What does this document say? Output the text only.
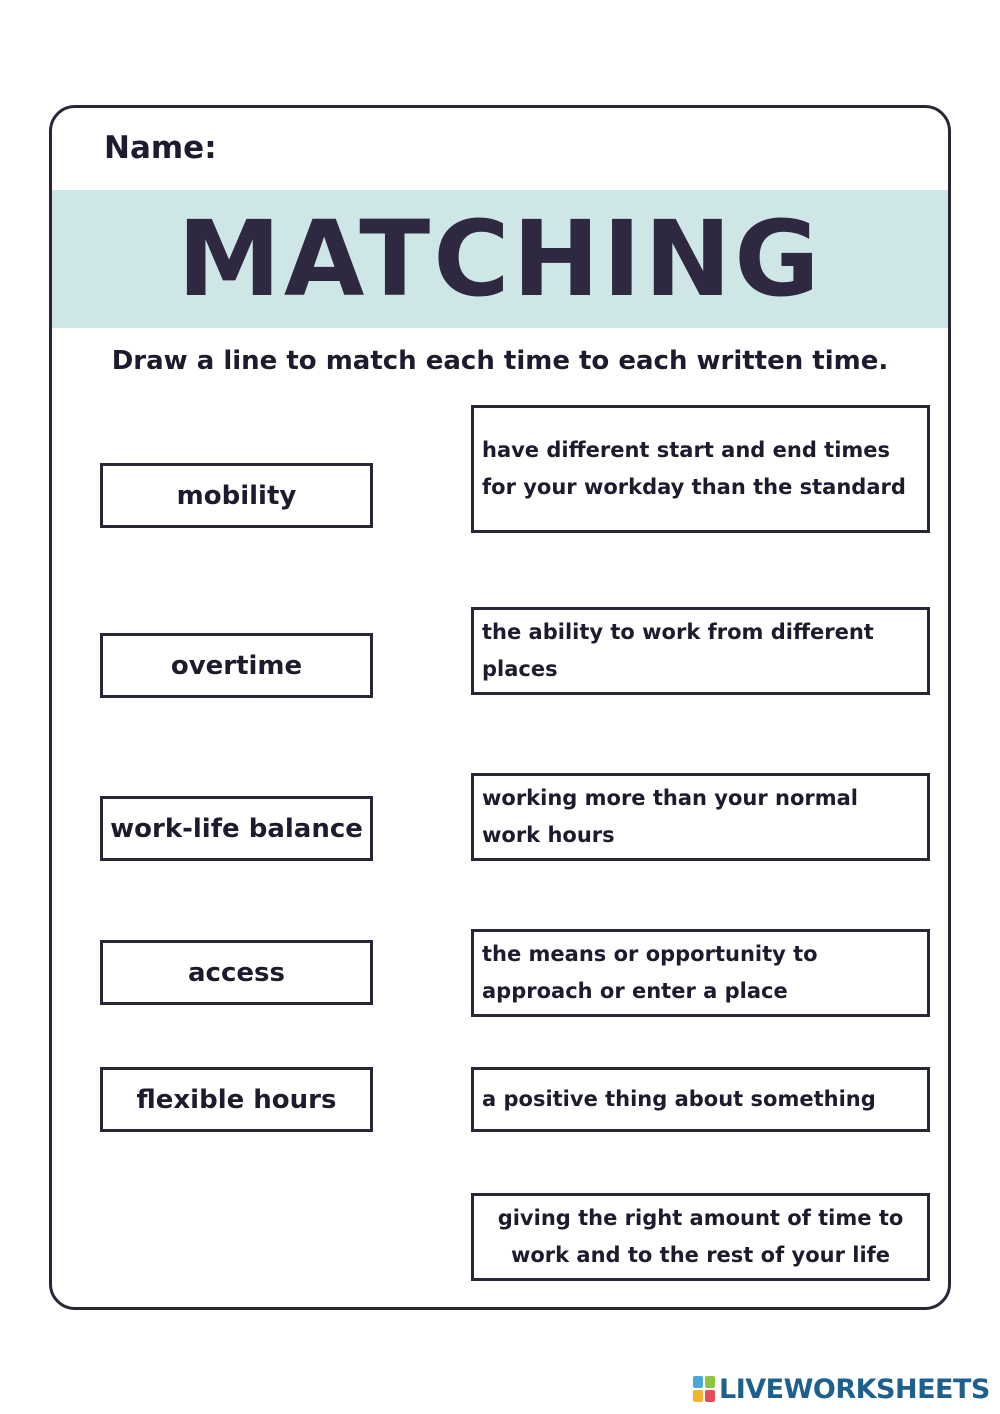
Name:
MATCHING
Draw a line to match each time to each written time.
mobility
overtime
work-life balance
access
flexible hours
have different start and end times for your workday than the standard
the ability to work from different places
working more than your normal work hours
the means or opportunity to approach or enter a place
a positive thing about something
giving the right amount of time to work and to the rest of your life
LIVEWORKSHEETS
